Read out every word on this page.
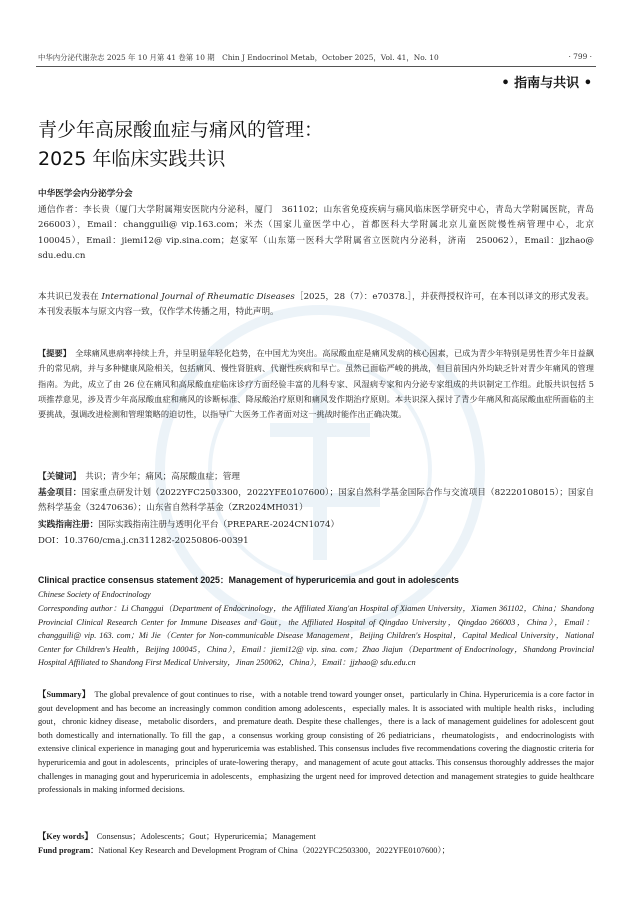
中华内分泌代谢杂志 2025 年 10 月第 41 卷第 10 期　Chin J Endocrinol Metab，October 2025，Vol. 41，No. 10	· 799 ·
• 指南与共识 •
青少年高尿酸血症与痛风的管理：
2025 年临床实践共识
中华医学会内分泌学分会
通信作者：李长贵（厦门大学附属翔安医院内分泌科，厦门　361102；山东省免疫疾病与痛风临床医学研究中心，青岛大学附属医院，青岛　266003），Email：changguili@ vip.163.com；米杰（国家儿童医学中心，首都医科大学附属北京儿童医院慢性病管理中心，北京　100045），Email：jiemi12@ vip.sina.com；赵家军（山东第一医科大学附属省立医院内分泌科，济南　250062），Email：jjzhao@ sdu.edu.cn
本共识已发表在 International Journal of Rheumatic Diseases［2025，28（7）：e70378.］，并获得授权许可，在本刊以译文的形式发表。本刊发表版本与原文内容一致，仅作学术传播之用，特此声明。
【提要】　全球痛风患病率持续上升，并呈明显年轻化趋势，在中国尤为突出。高尿酸血症是痛风发病的核心因素，已成为青少年特别是男性青少年日益飙升的常见病，并与多种健康风险相关，包括痛风、慢性肾脏病、代谢性疾病和早亡。虽然已面临严峻的挑战，但目前国内外均缺乏针对青少年痛风的管理指南。为此，成立了由 26 位在痛风和高尿酸血症临床诊疗方面经验丰富的儿科专家、风湿病专家和内分泌专家组成的共识制定工作组。此版共识包括 5 项推荐意见，涉及青少年高尿酸血症和痛风的诊断标准、降尿酸治疗原则和痛风发作期治疗原则。本共识深入探讨了青少年痛风和高尿酸血症所面临的主要挑战，强调改进检测和管理策略的迫切性，以指导广大医务工作者面对这一挑战时能作出正确决策。
【关键词】　共识；青少年；痛风；高尿酸血症；管理
基金项目：国家重点研发计划（2022YFC2503300，2022YFE0107600）；国家自然科学基金国际合作与交流项目（82220108015）；国家自然科学基金（32470636）；山东省自然科学基金（ZR2024MH031）
实践指南注册：国际实践指南注册与透明化平台（PREPARE-2024CN1074）
DOI：10.3760/cma.j.cn311282-20250806-00391
Clinical practice consensus statement 2025：Management of hyperuricemia and gout in adolescents
Chinese Society of Endocrinology
Corresponding author：Li Changgui（Department of Endocrinology，the Affiliated Xiang′an Hospital of Xiamen University，Xiamen 361102，China；Shandong Provincial Clinical Research Center for Immune Diseases and Gout，the Affiliated Hospital of Qingdao University，Qingdao 266003，China），Email：changguili@ vip. 163. com；Mi Jie（Center for Non-communicable Disease Management，Beijing Children′s Hospital，Capital Medical University，National Center for Children′s Health，Beijing 100045，China），Email：jiemi12@ vip. sina. com；Zhao Jiajun（Department of Endocrinology，Shandong Provincial Hospital Affiliated to Shandong First Medical University，Jinan 250062，China），Email：jjzhao@ sdu.edu.cn
【Summary】　The global prevalence of gout continues to rise，with a notable trend toward younger onset，particularly in China. Hyperuricemia is a core factor in gout development and has become an increasingly common condition among adolescents，especially males. It is associated with multiple health risks，including gout，chronic kidney disease，metabolic disorders，and premature death. Despite these challenges，there is a lack of management guidelines for adolescent gout both domestically and internationally. To fill the gap，a consensus working group consisting of 26 pediatricians，rheumatologists，and endocrinologists with extensive clinical experience in managing gout and hyperuricemia was established. This consensus includes five recommendations covering the diagnostic criteria for hyperuricemia and gout in adolescents，principles of urate-lowering therapy，and management of acute gout attacks. This consensus thoroughly addresses the major challenges in managing gout and hyperuricemia in adolescents，emphasizing the urgent need for improved detection and management strategies to guide healthcare professionals in making informed decisions.
【Key words】　Consensus；Adolescents；Gout；Hyperuricemia；Management
Fund program：National Key Research and Development Program of China（2022YFC2503300，2022YFE0107600）；
